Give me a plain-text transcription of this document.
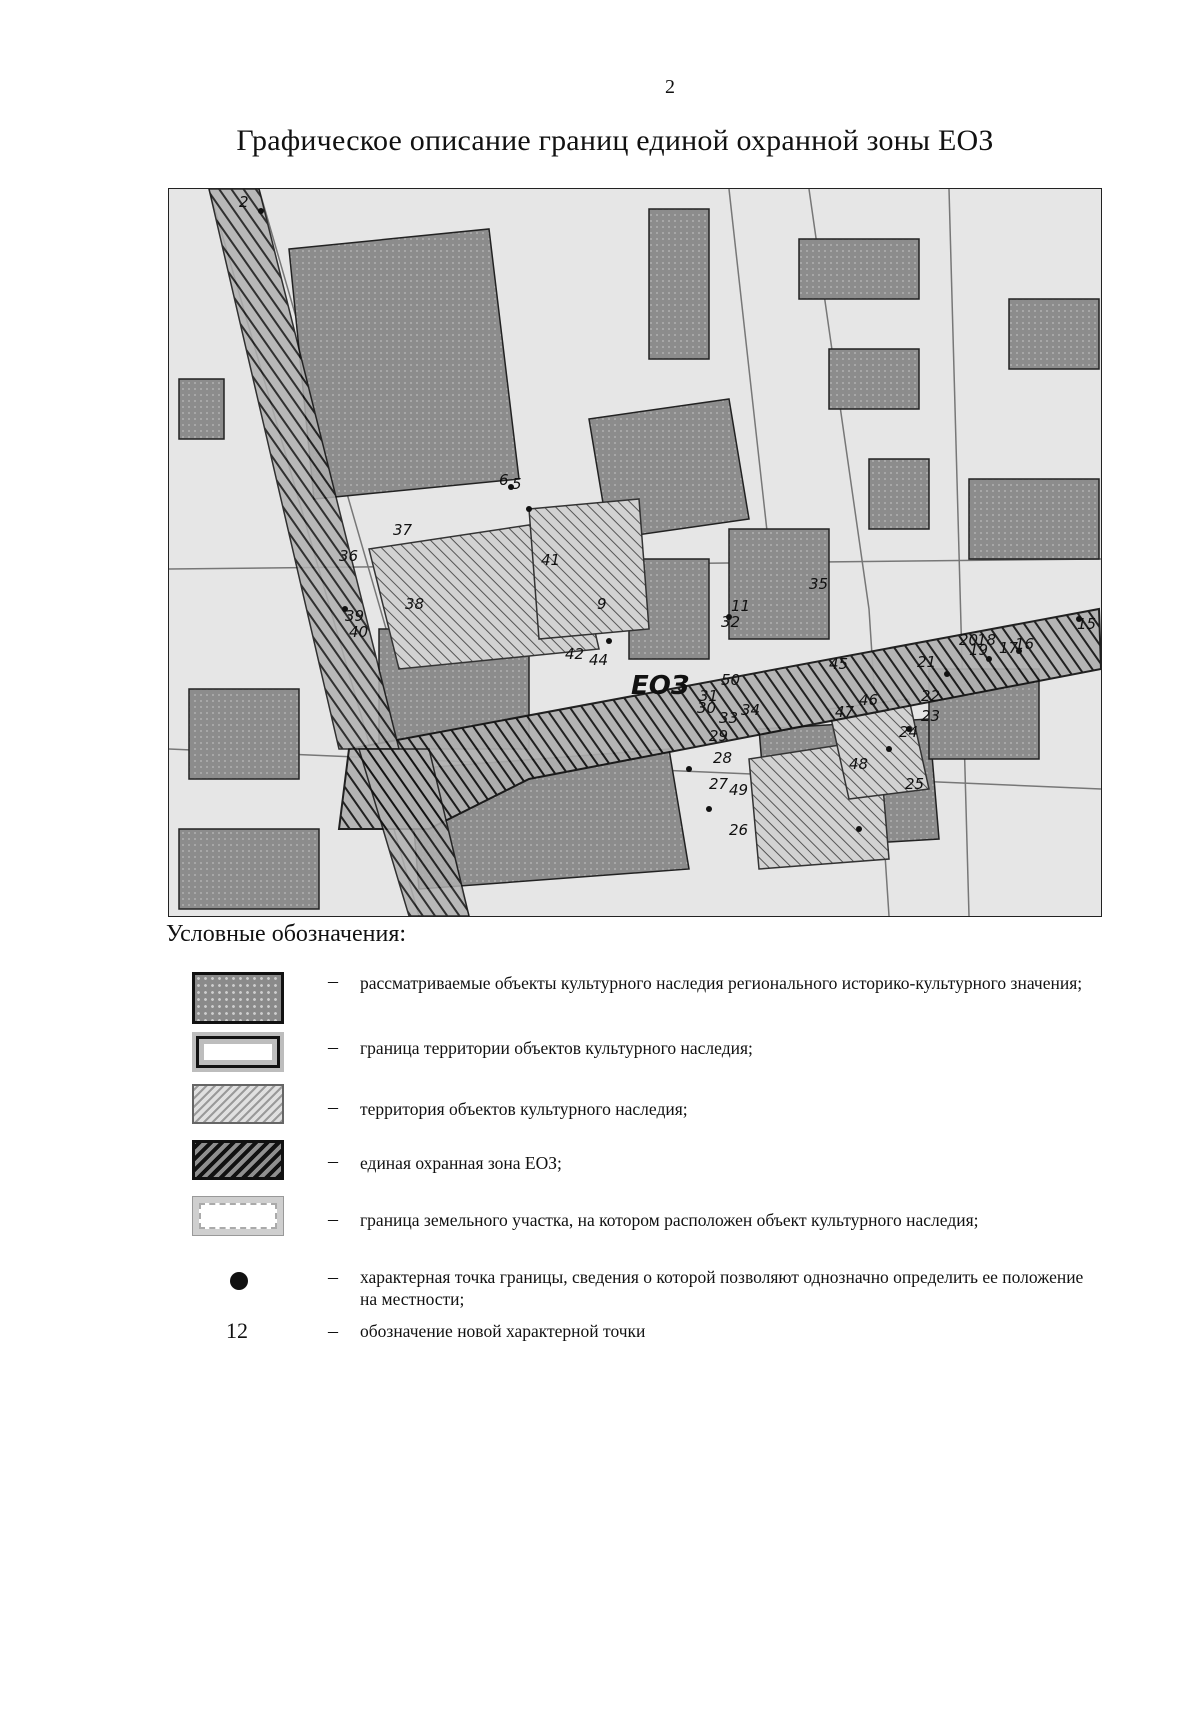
2
Графическое описание границ единой охранной зоны ЕОЗ
2
6 5
9	11
15
16
17
18
19
20
21
22
23
24
25
26
27
28
29
30
31
32
36
39
40
37
38
41
42 44	45
46
47
48
49
50
33 34
35
ЕОЗ
Условные обозначения:
– рассматриваемые объекты культурного наследия регионального историко-культурного значения;
– граница территории объектов культурного наследия;
– территория объектов культурного наследия;
– единая охранная зона ЕОЗ;
– граница земельного участка, на котором расположен объект культурного наследия;
– характерная точка границы, сведения о которой позволяют однозначно определить ее положение на местности;
12	– обозначение новой характерной точки
